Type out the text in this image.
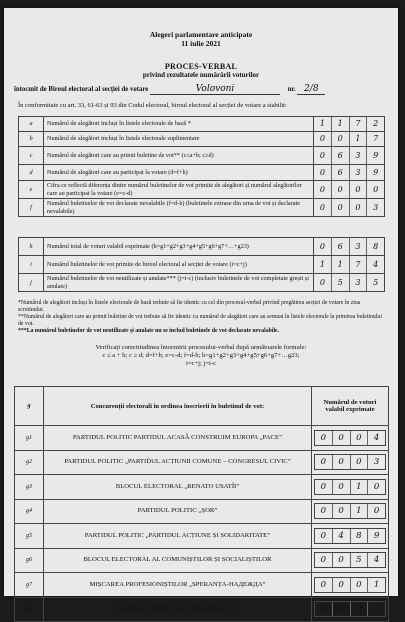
Alegeri parlamentare anticipate
11 iulie 2021
PROCES-VERBAL
privind rezultatele numărării voturilor
întocmit de Biroul electoral al secției de votare	Volovoni	nr. 2/8
În conformitate cu art. 33, 61-63 și 93 din Codul electoral, biroul electoral al secției de votare a stabilit:
a	Numărul de alegători incluși în listele electorale de bază *	1 1 7 2

b	Numărul de alegători incluși în listele electorale suplimentare	0 0 1 7

c	Numărul de alegători care au primit buletine de vot** (c≤a+b; c≥d)	0 6 3 9

d	Numărul de alegători care au participat la votare (d=f+h)	0 6 3 9

e	Cifra ce reflectă diferența dintre numărul buletinelor de vot primite de alegători și numărul alegătorilor care au participat la votare (e=c-d)	0 0 0 0

f	Numărul buletinelor de vot declarate nevalabile (f=d-h) (buletinele extrase din urna de vot și declarate nevalabile)	0 0 0 3
h	Numărul total de voturi valabil exprimate (h=g1+g2+g3+g4+g5+g6+g7+…+g23)	0 6 3 8

i	Numărul buletinelor de vot primite de biroul electoral al secției de votare (i=c+j)	1 1 7 4

j	Numărul buletinelor de vot neutilizate și anulate*** (j=i-c) (inclusiv buletinele de vot completate greșit și anulate)	0 5 3 5
*Numărul de alegători incluși în listele electorale de bază trebuie să fie identic cu cel din procesul-verbal privind pregătirea secției de votare în ziua scrutinului.
**Numărul de alegători care au primit buletine de vot trebuie să fie identic cu numărul de alegători care au semnat în listele electorale la primirea buletinului de vot.
***La numărul buletinelor de vot neutilizate și anulate nu se includ buletinele de vot declarate nevalabile.
Verificați corectitudinea întocmirii procesului-verbal după următoarele formule:
c ≤ a + b; c ≥ d; d=f+h; e=c-d; f=d-h; h=g1+g2+g3+g4+g5+g6+g7+…g23;
i=c+j; j=i-c
g	Concurenții electorali în ordinea înscrierii în buletinul de vot:	Numărul de voturi valabil exprimate
g1	PARTIDUL POLITIC PARTIDUL ACASĂ CONSTRUIM EUROPA „PACE”	0 0 0 4

g2	PARTIDUL POLITIC „PARTIDUL ACȚIUNII COMUNE – CONGRESUL CIVIC”	0 0 0 3

g3	BLOCUL ELECTORAL „RENATO USATÎI”	0 0 1 0

g4	PARTIDUL POLITIC „ȘOR”	0 0 1 0

g5	PARTIDUL POLITIC „PARTIDUL ACȚIUNE ȘI SOLIDARITATE”	0 4 8 9

g6	BLOCUL ELECTORAL AL COMUNIȘTILOR ȘI SOCIALIȘTILOR	0 0 5 4

g7	MIȘCAREA PROFESIONIȘTILOR „SPERANȚA-НАДЕЖДА”	0 0 0 1

g8	PARTIDUL DEMOCRAT DIN MOLDOVA	0 0 0 4
